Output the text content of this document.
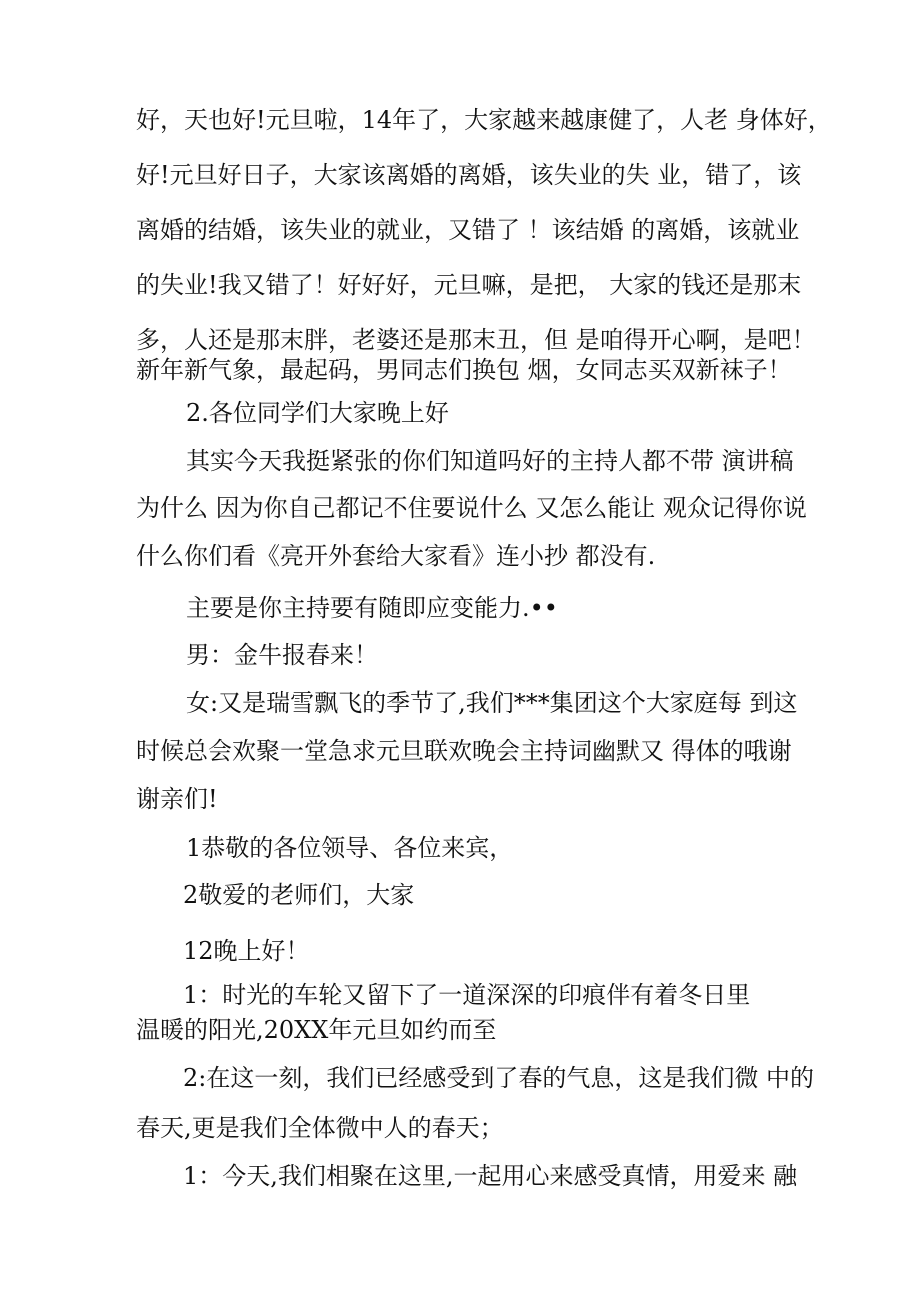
好，天也好!元旦啦，14年了，大家越来越康健了，人老 身体好，
好!元旦好日子，大家该离婚的离婚，该失业的失 业，错了，该
离婚的结婚，该失业的就业，又错了 ！该结婚 的离婚，该就业
的失业!我又错了！好好好，元旦嘛，是把， 大家的钱还是那末
多，人还是那末胖，老婆还是那末丑，但 是咱得开心啊，是吧！
新年新气象，最起码，男同志们换包 烟，女同志买双新袜子！
2.各位同学们大家晚上好
其实今天我挺紧张的你们知道吗好的主持人都不带 演讲稿
为什么 因为你自己都记不住要说什么 又怎么能让 观众记得你说
什么你们看《亮开外套给大家看》连小抄 都没有.
主要是你主持要有随即应变能力.••
男：金牛报春来！
女:又是瑞雪飘飞的季节了,我们***集团这个大家庭每 到这
时候总会欢聚一堂急求元旦联欢晚会主持词幽默又 得体的哦谢
谢亲们!
1恭敬的各位领导、各位来宾，
2敬爱的老师们，大家
12晚上好！
1：时光的车轮又留下了一道深深的印痕伴有着冬日里
温暖的阳光,20XX年元旦如约而至
2:在这一刻，我们已经感受到了春的气息，这是我们微 中的
春天,更是我们全体微中人的春天；
1：今天,我们相聚在这里,一起用心来感受真情，用爱来 融
